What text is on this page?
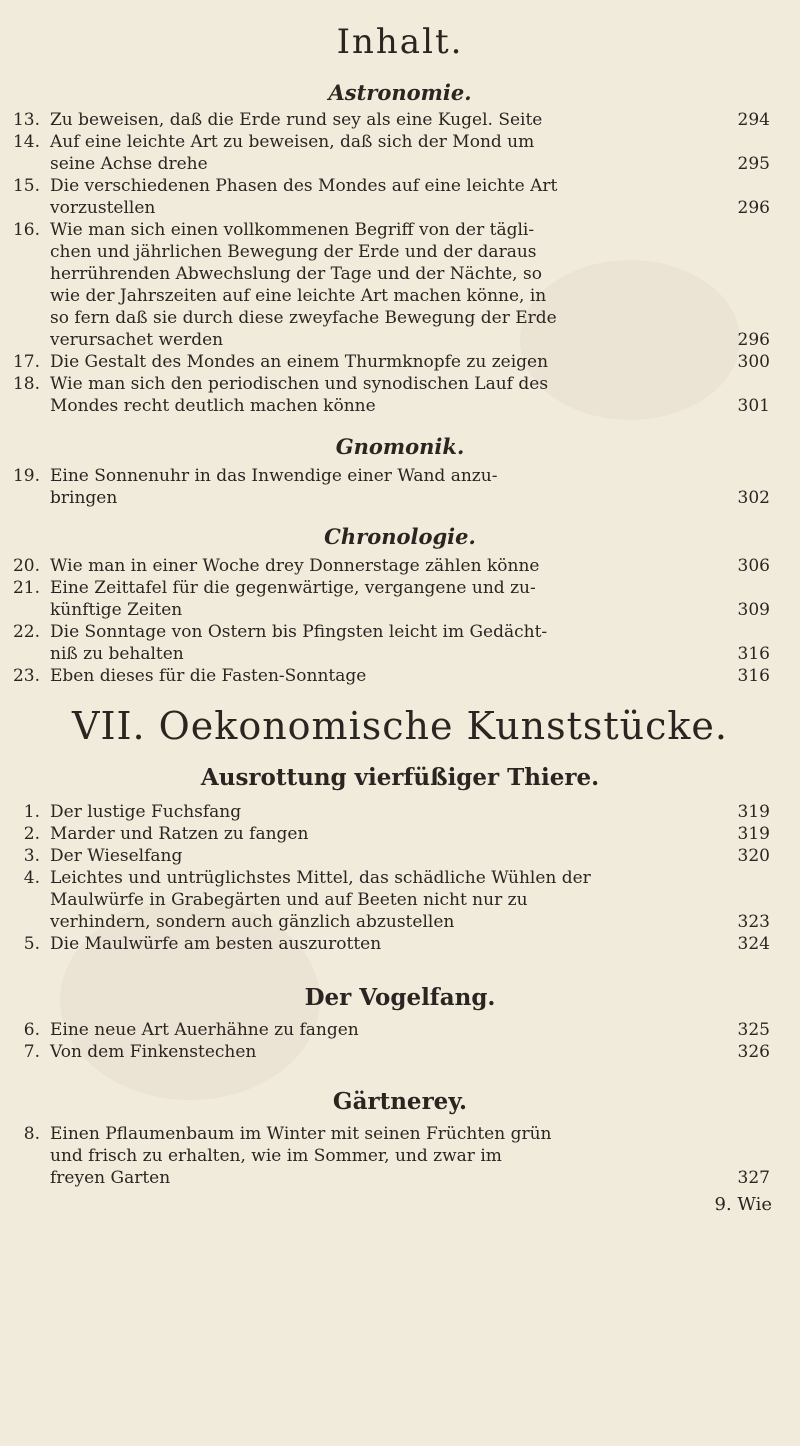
Inhalt.
Astronomie.
13. Zu beweisen, daß die Erde rund sey als eine Kugel. Seite	294
14. Auf eine leichte Art zu beweisen, daß sich der Mond um
seine Achse drehe	295
15. Die verschiedenen Phasen des Mondes auf eine leichte Art
vorzustellen	296
16. Wie man sich einen vollkommenen Begriff von der tägli-
chen und jährlichen Bewegung der Erde und der daraus
herrührenden Abwechslung der Tage und der Nächte, so
wie der Jahrszeiten auf eine leichte Art machen könne, in
so fern daß sie durch diese zweyfache Bewegung der Erde
verursachet werden	296
17. Die Gestalt des Mondes an einem Thurmknopfe zu zeigen	300
18. Wie man sich den periodischen und synodischen Lauf des
Mondes recht deutlich machen könne	301
Gnomonik.
19. Eine Sonnenuhr in das Inwendige einer Wand anzu-
bringen	302
Chronologie.
20. Wie man in einer Woche drey Donnerstage zählen könne	306
21. Eine Zeittafel für die gegenwärtige, vergangene und zu-
künftige Zeiten	309
22. Die Sonntage von Ostern bis Pfingsten leicht im Gedächt-
niß zu behalten	316
23. Eben dieses für die Fasten-Sonntage	316
VII. Oekonomische Kunststücke.
Ausrottung vierfüßiger Thiere.
1. Der lustige Fuchsfang	319
2. Marder und Ratzen zu fangen	319
3. Der Wieselfang	320
4. Leichtes und untrüglichstes Mittel, das schädliche Wühlen der
Maulwürfe in Grabegärten und auf Beeten nicht nur zu
verhindern, sondern auch gänzlich abzustellen	323
5. Die Maulwürfe am besten auszurotten	324
Der Vogelfang.
6. Eine neue Art Auerhähne zu fangen	325
7. Von dem Finkenstechen	326
Gärtnerey.
8. Einen Pflaumenbaum im Winter mit seinen Früchten grün
und frisch zu erhalten, wie im Sommer, und zwar im
freyen Garten	327
9. Wie
